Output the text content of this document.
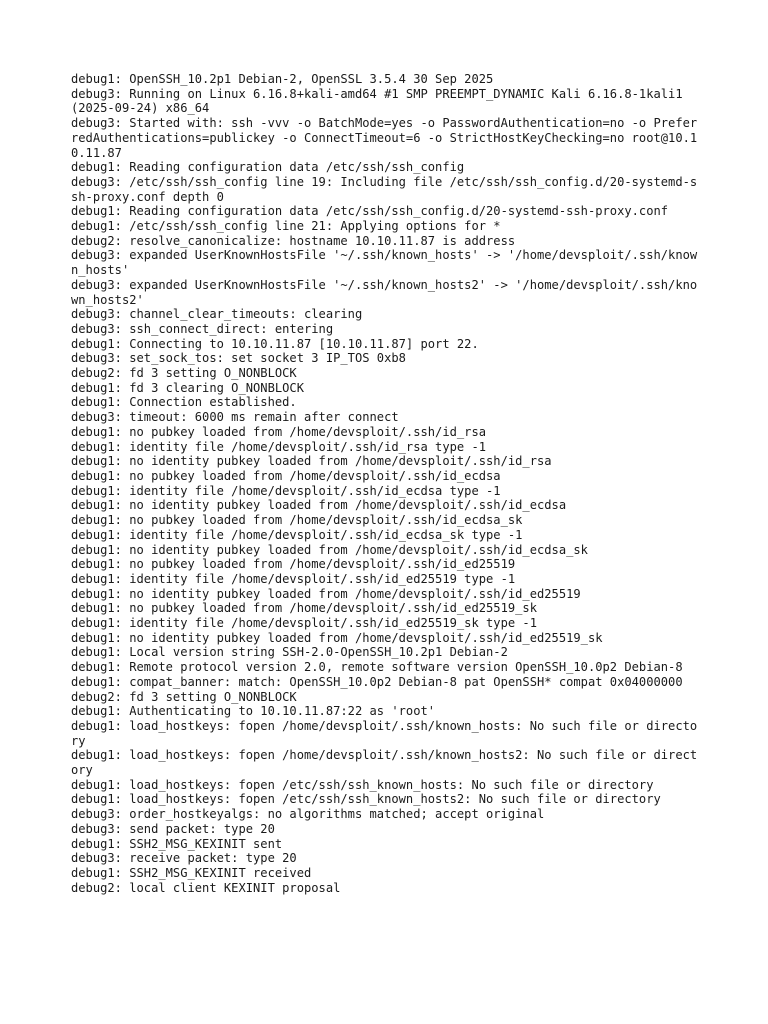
debug1: OpenSSH_10.2p1 Debian-2, OpenSSL 3.5.4 30 Sep 2025
debug3: Running on Linux 6.16.8+kali-amd64 #1 SMP PREEMPT_DYNAMIC Kali 6.16.8-1kali1 (2025-09-24) x86_64
debug3: Started with: ssh -vvv -o BatchMode=yes -o PasswordAuthentication=no -o PreferredAuthentications=publickey -o ConnectTimeout=6 -o StrictHostKeyChecking=no root@10.10.11.87
debug1: Reading configuration data /etc/ssh/ssh_config
debug3: /etc/ssh/ssh_config line 19: Including file /etc/ssh/ssh_config.d/20-systemd-ssh-proxy.conf depth 0
debug1: Reading configuration data /etc/ssh/ssh_config.d/20-systemd-ssh-proxy.conf
debug1: /etc/ssh/ssh_config line 21: Applying options for *
debug2: resolve_canonicalize: hostname 10.10.11.87 is address
debug3: expanded UserKnownHostsFile '~/.ssh/known_hosts' -> '/home/devsploit/.ssh/known_hosts'
debug3: expanded UserKnownHostsFile '~/.ssh/known_hosts2' -> '/home/devsploit/.ssh/known_hosts2'
debug3: channel_clear_timeouts: clearing
debug3: ssh_connect_direct: entering
debug1: Connecting to 10.10.11.87 [10.10.11.87] port 22.
debug3: set_sock_tos: set socket 3 IP_TOS 0xb8
debug2: fd 3 setting O_NONBLOCK
debug1: fd 3 clearing O_NONBLOCK
debug1: Connection established.
debug3: timeout: 6000 ms remain after connect
debug1: no pubkey loaded from /home/devsploit/.ssh/id_rsa
debug1: identity file /home/devsploit/.ssh/id_rsa type -1
debug1: no identity pubkey loaded from /home/devsploit/.ssh/id_rsa
debug1: no pubkey loaded from /home/devsploit/.ssh/id_ecdsa
debug1: identity file /home/devsploit/.ssh/id_ecdsa type -1
debug1: no identity pubkey loaded from /home/devsploit/.ssh/id_ecdsa
debug1: no pubkey loaded from /home/devsploit/.ssh/id_ecdsa_sk
debug1: identity file /home/devsploit/.ssh/id_ecdsa_sk type -1
debug1: no identity pubkey loaded from /home/devsploit/.ssh/id_ecdsa_sk
debug1: no pubkey loaded from /home/devsploit/.ssh/id_ed25519
debug1: identity file /home/devsploit/.ssh/id_ed25519 type -1
debug1: no identity pubkey loaded from /home/devsploit/.ssh/id_ed25519
debug1: no pubkey loaded from /home/devsploit/.ssh/id_ed25519_sk
debug1: identity file /home/devsploit/.ssh/id_ed25519_sk type -1
debug1: no identity pubkey loaded from /home/devsploit/.ssh/id_ed25519_sk
debug1: Local version string SSH-2.0-OpenSSH_10.2p1 Debian-2
debug1: Remote protocol version 2.0, remote software version OpenSSH_10.0p2 Debian-8
debug1: compat_banner: match: OpenSSH_10.0p2 Debian-8 pat OpenSSH* compat 0x04000000
debug2: fd 3 setting O_NONBLOCK
debug1: Authenticating to 10.10.11.87:22 as 'root'
debug1: load_hostkeys: fopen /home/devsploit/.ssh/known_hosts: No such file or directory
debug1: load_hostkeys: fopen /home/devsploit/.ssh/known_hosts2: No such file or directory
debug1: load_hostkeys: fopen /etc/ssh/ssh_known_hosts: No such file or directory
debug1: load_hostkeys: fopen /etc/ssh/ssh_known_hosts2: No such file or directory
debug3: order_hostkeyalgs: no algorithms matched; accept original
debug3: send packet: type 20
debug1: SSH2_MSG_KEXINIT sent
debug3: receive packet: type 20
debug1: SSH2_MSG_KEXINIT received
debug2: local client KEXINIT proposal
